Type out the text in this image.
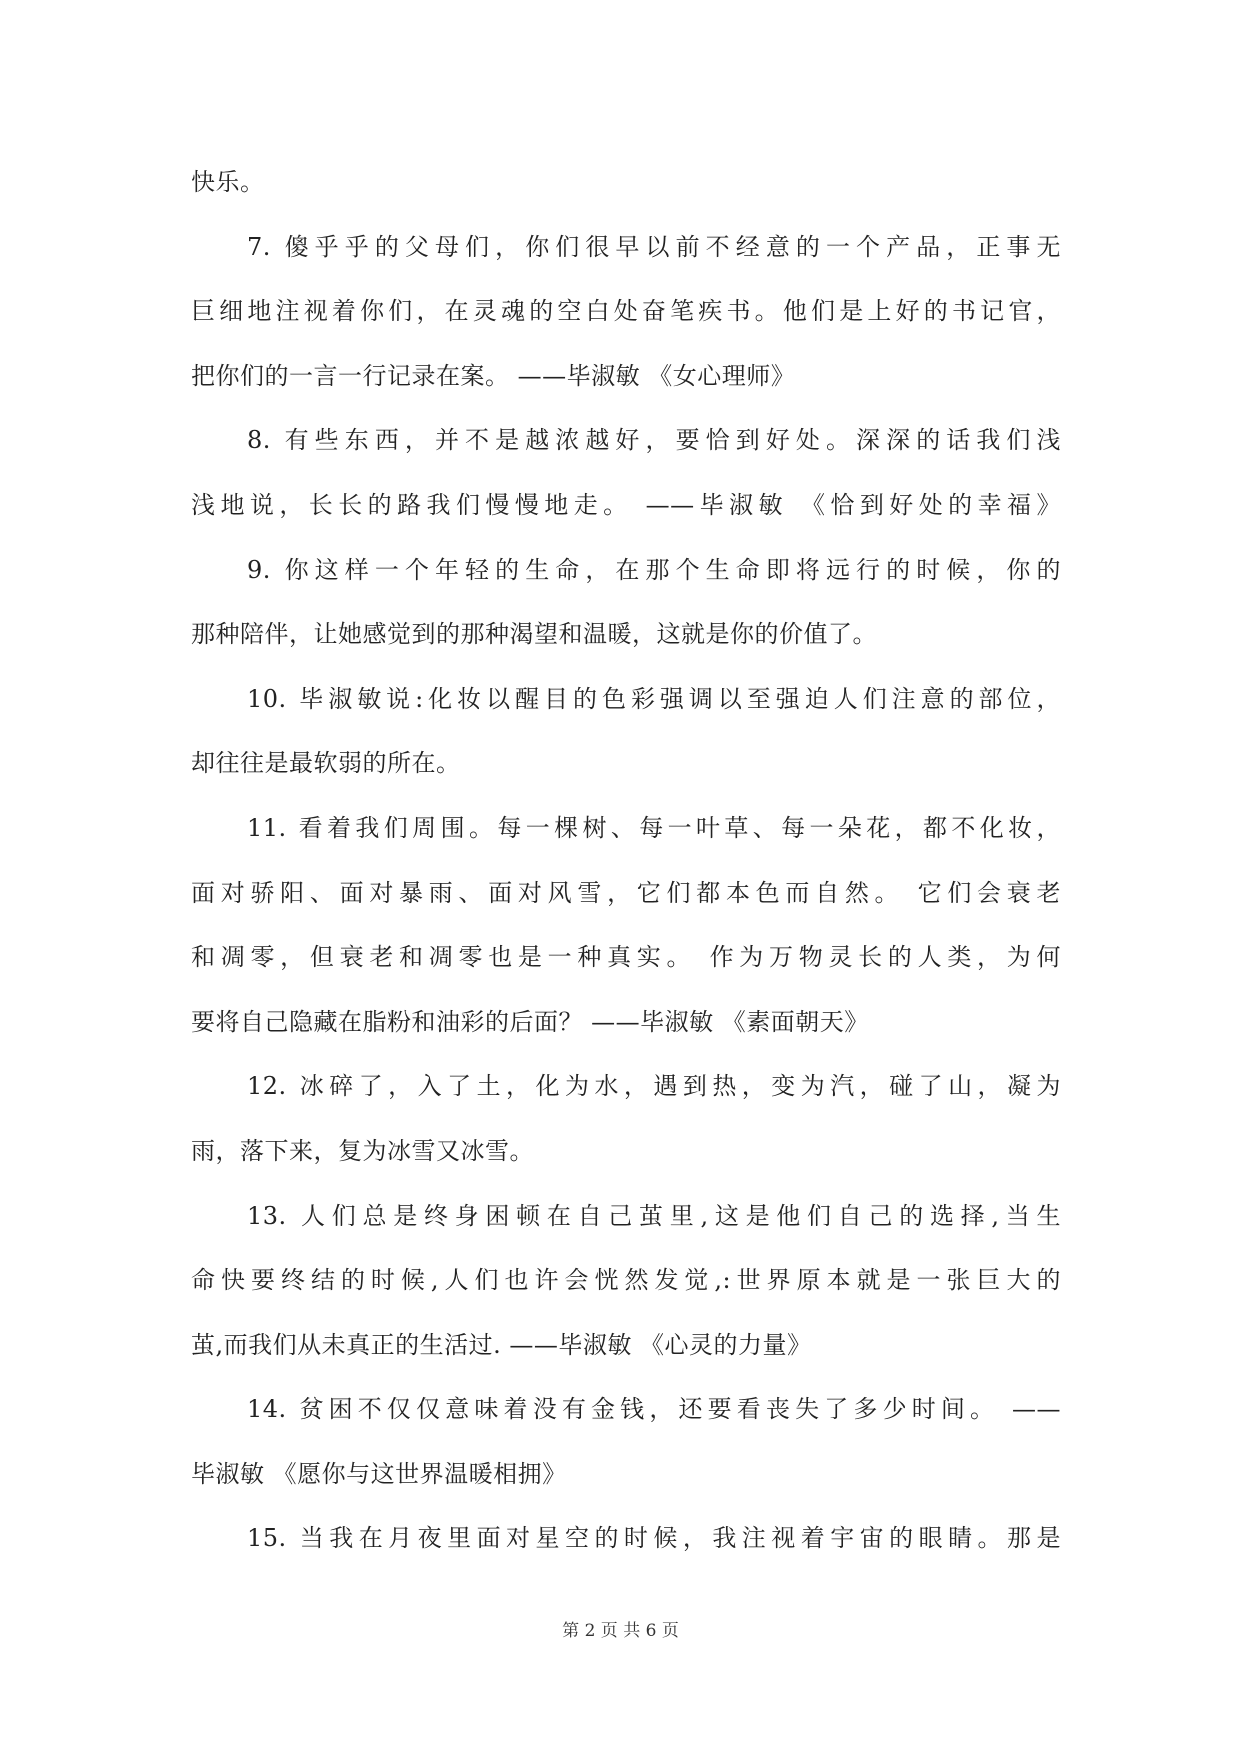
快乐。
7. 傻乎乎的父母们，你们很早以前不经意的一个产品，正事无
巨细地注视着你们，在灵魂的空白处奋笔疾书。他们是上好的书记官，
把你们的一言一行记录在案。 ——毕淑敏 《女心理师》
8. 有些东西，并不是越浓越好，要恰到好处。深深的话我们浅
浅地说，长长的路我们慢慢地走。 ——毕淑敏 《恰到好处的幸福》
9. 你这样一个年轻的生命，在那个生命即将远行的时候，你的
那种陪伴，让她感觉到的那种渴望和温暖，这就是你的价值了。
10. 毕淑敏说:化妆以醒目的色彩强调以至强迫人们注意的部位，
却往往是最软弱的所在。
11. 看着我们周围。每一棵树、每一叶草、每一朵花，都不化妆，
面对骄阳、面对暴雨、面对风雪，它们都本色而自然。 它们会衰老
和凋零，但衰老和凋零也是一种真实。 作为万物灵长的人类，为何
要将自己隐藏在脂粉和油彩的后面？ ——毕淑敏 《素面朝天》
12. 冰碎了，入了土，化为水，遇到热，变为汽，碰了山，凝为
雨，落下来，复为冰雪又冰雪。
13. 人们总是终身困顿在自己茧里,这是他们自己的选择,当生
命快要终结的时候,人们也许会恍然发觉,:世界原本就是一张巨大的
茧,而我们从未真正的生活过. ——毕淑敏 《心灵的力量》
14. 贫困不仅仅意味着没有金钱，还要看丧失了多少时间。 ——
毕淑敏 《愿你与这世界温暖相拥》
15. 当我在月夜里面对星空的时候，我注视着宇宙的眼睛。那是
第 2 页 共 6 页
